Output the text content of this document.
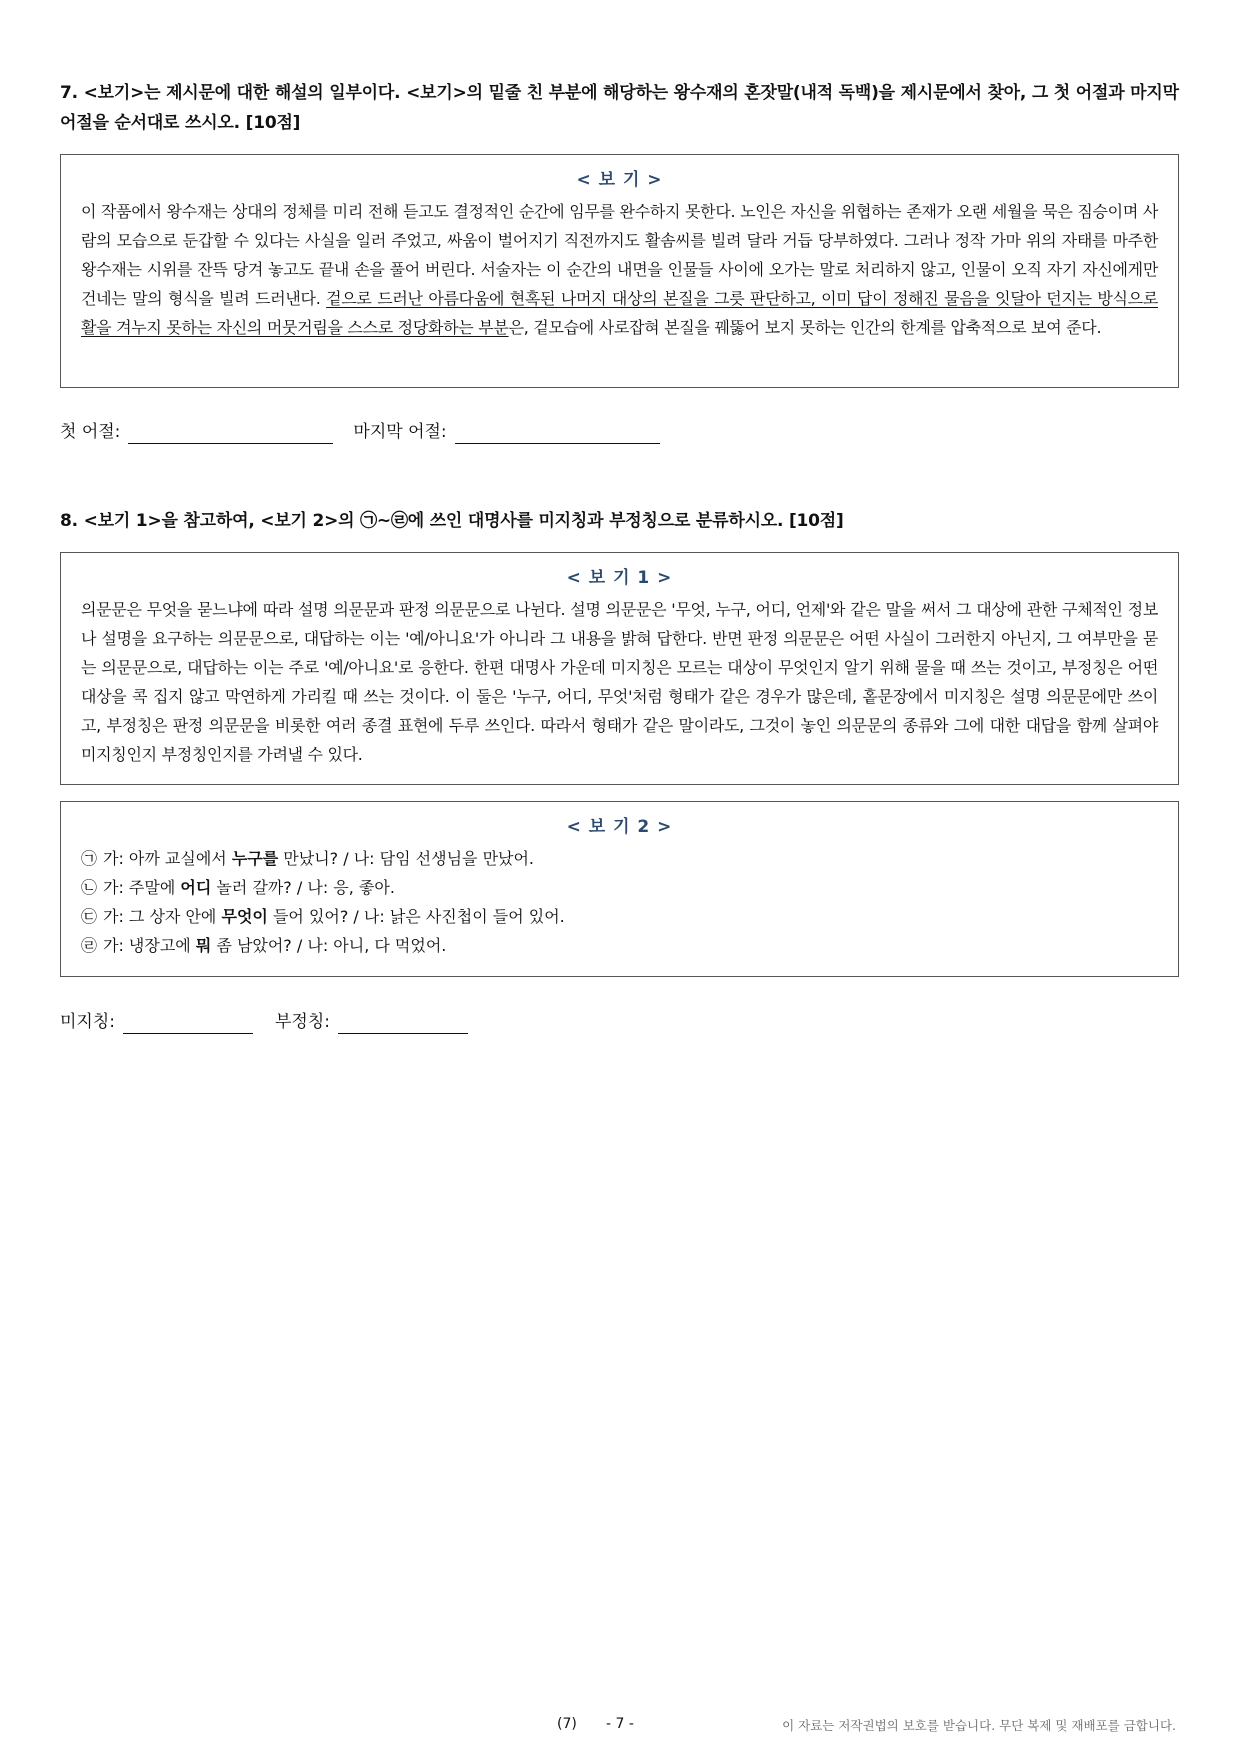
7. <보기>는 제시문에 대한 해설의 일부이다. <보기>의 밑줄 친 부분에 해당하는 왕수재의 혼잣말(내적 독백)을 제시문에서 찾아, 그 첫 어절과 마지막 어절을 순서대로 쓰시오. [10점]
< 보 기 >
이 작품에서 왕수재는 상대의 정체를 미리 전해 듣고도 결정적인 순간에 임무를 완수하지 못한다. 노인은 자신을 위협하는 존재가 오랜 세월을 묵은 짐승이며 사람의 모습으로 둔갑할 수 있다는 사실을 일러 주었고, 싸움이 벌어지기 직전까지도 활솜씨를 빌려 달라 거듭 당부하였다. 그러나 정작 가마 위의 자태를 마주한 왕수재는 시위를 잔뜩 당겨 놓고도 끝내 손을 풀어 버린다. 서술자는 이 순간의 내면을 인물들 사이에 오가는 말로 처리하지 않고, 인물이 오직 자기 자신에게만 건네는 말의 형식을 빌려 드러낸다. 겉으로 드러난 아름다움에 현혹된 나머지 대상의 본질을 그릇 판단하고, 이미 답이 정해진 물음을 잇달아 던지는 방식으로 활을 겨누지 못하는 자신의 머뭇거림을 스스로 정당화하는 부분은, 겉모습에 사로잡혀 본질을 꿰뚫어 보지 못하는 인간의 한계를 압축적으로 보여 준다.
첫 어절:	마지막 어절:
8. <보기 1>을 참고하여, <보기 2>의 ㉠~㉣에 쓰인 대명사를 미지칭과 부정칭으로 분류하시오. [10점]
< 보 기 1 >
의문문은 무엇을 묻느냐에 따라 설명 의문문과 판정 의문문으로 나뉜다. 설명 의문문은 '무엇, 누구, 어디, 언제'와 같은 말을 써서 그 대상에 관한 구체적인 정보나 설명을 요구하는 의문문으로, 대답하는 이는 '예/아니요'가 아니라 그 내용을 밝혀 답한다. 반면 판정 의문문은 어떤 사실이 그러한지 아닌지, 그 여부만을 묻는 의문문으로, 대답하는 이는 주로 '예/아니요'로 응한다. 한편 대명사 가운데 미지칭은 모르는 대상이 무엇인지 알기 위해 물을 때 쓰는 것이고, 부정칭은 어떤 대상을 콕 집지 않고 막연하게 가리킬 때 쓰는 것이다. 이 둘은 '누구, 어디, 무엇'처럼 형태가 같은 경우가 많은데, 홑문장에서 미지칭은 설명 의문문에만 쓰이고, 부정칭은 판정 의문문을 비롯한 여러 종결 표현에 두루 쓰인다. 따라서 형태가 같은 말이라도, 그것이 놓인 의문문의 종류와 그에 대한 대답을 함께 살펴야 미지칭인지 부정칭인지를 가려낼 수 있다.
< 보 기 2 >
㉠ 가: 아까 교실에서 누구를 만났니? / 나: 담임 선생님을 만났어.
㉡ 가: 주말에 어디 놀러 갈까? / 나: 응, 좋아.
㉢ 가: 그 상자 안에 무엇이 들어 있어? / 나: 낡은 사진첩이 들어 있어.
㉣ 가: 냉장고에 뭐 좀 남았어? / 나: 아니, 다 먹었어.
미지칭:	부정칭:
(7) - 7 -	이 자료는 저작권법의 보호를 받습니다. 무단 복제 및 재배포를 금합니다.
